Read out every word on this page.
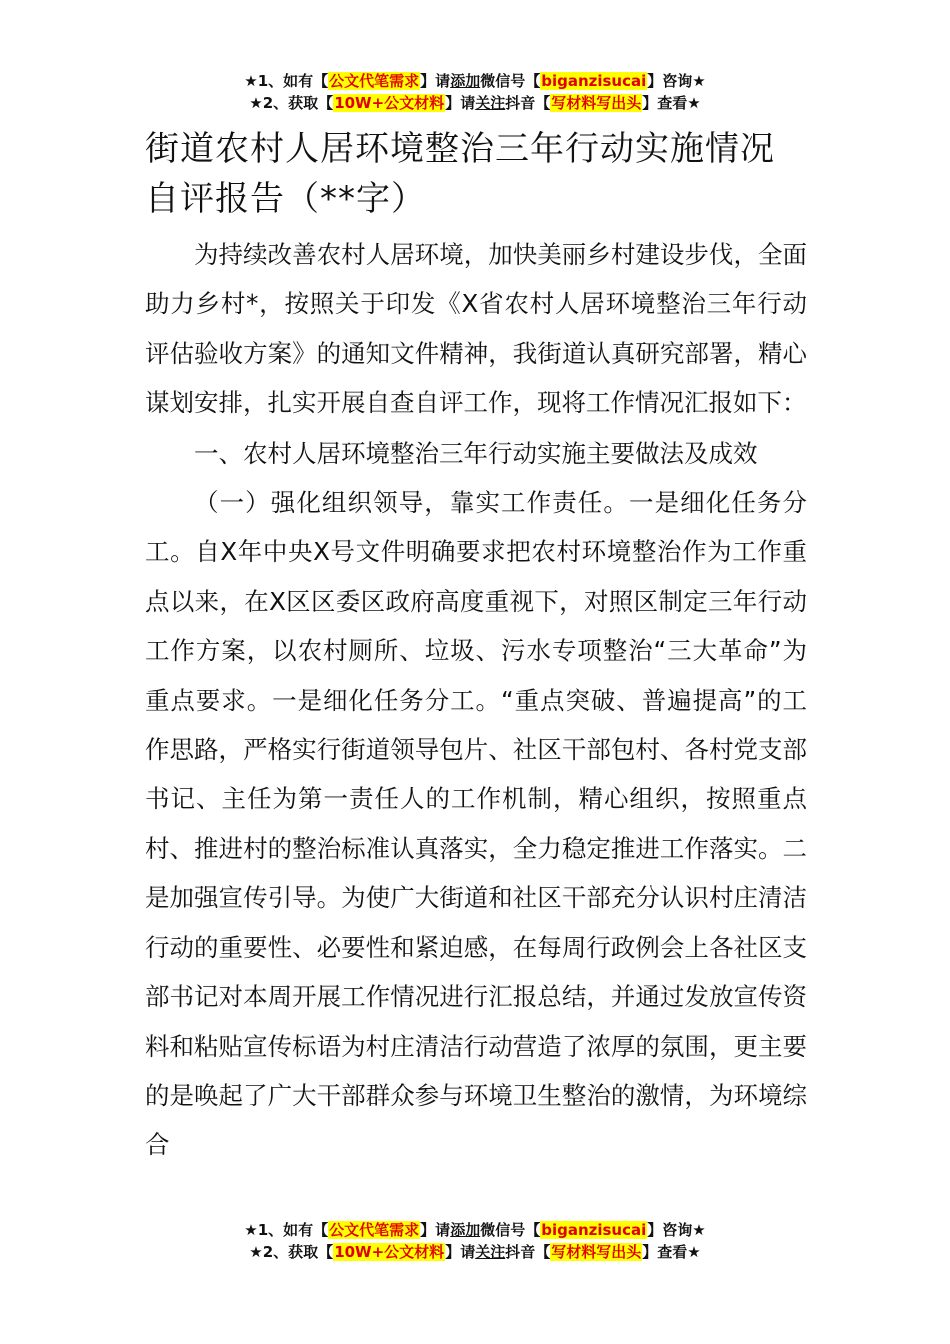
★1、如有【公文代笔需求】请添加微信号【biganzisucai】咨询★
★2、获取【10W+公文材料】请关注抖音【写材料写出头】查看★
街道农村人居环境整治三年行动实施情况自评报告（**字）

为持续改善农村人居环境，加快美丽乡村建设步伐，全面助力乡村*，按照关于印发《X省农村人居环境整治三年行动评估验收方案》的通知文件精神，我街道认真研究部署，精心谋划安排，扎实开展自查自评工作，现将工作情况汇报如下：

一、农村人居环境整治三年行动实施主要做法及成效

（一）强化组织领导，靠实工作责任。一是细化任务分工。自X年中央X号文件明确要求把农村环境整治作为工作重点以来，在X区区委区政府高度重视下，对照区制定三年行动工作方案，以农村厕所、垃圾、污水专项整治“三大革命”为重点要求。一是细化任务分工。“重点突破、普遍提高”的工作思路，严格实行街道领导包片、社区干部包村、各村党支部书记、主任为第一责任人的工作机制，精心组织，按照重点村、推进村的整治标准认真落实，全力稳定推进工作落实。二是加强宣传引导。为使广大街道和社区干部充分认识村庄清洁行动的重要性、必要性和紧迫感，在每周行政例会上各社区支部书记对本周开展工作情况进行汇报总结，并通过发放宣传资料和粘贴宣传标语为村庄清洁行动营造了浓厚的氛围，更主要的是唤起了广大干部群众参与环境卫生整治的激情，为环境综合

★1、如有【公文代笔需求】请添加微信号【biganzisucai】咨询★
★2、获取【10W+公文材料】请关注抖音【写材料写出头】查看★
